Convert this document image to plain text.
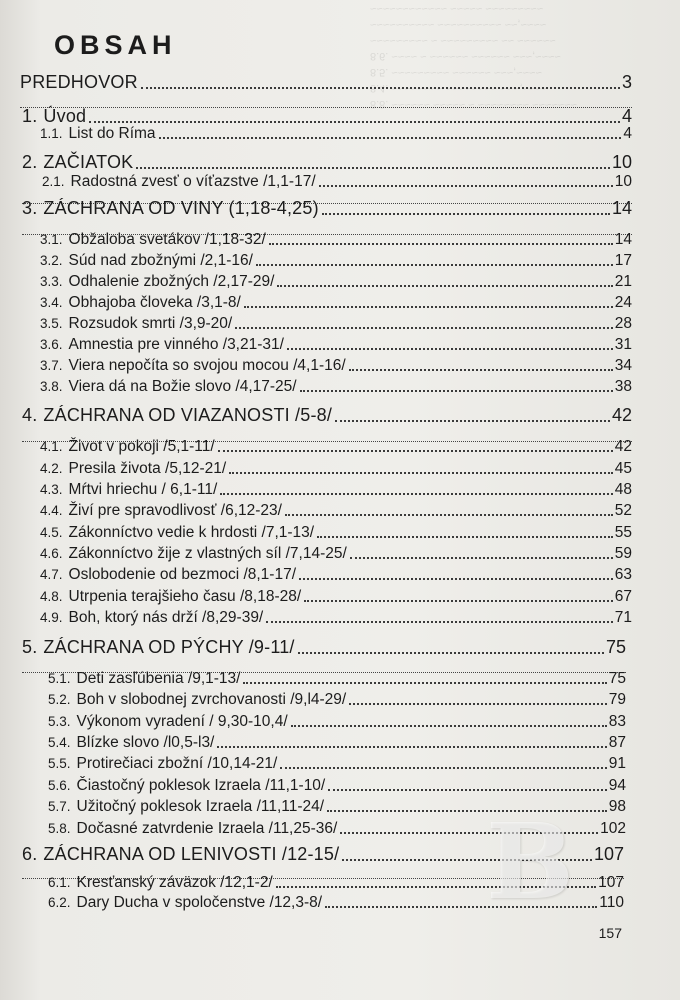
8.8. ~~~~~~ ~~~~~ ~ ~~~~~~~~ ~~~~~~~
8.4. ~~~~~~~~ ~~~~~~~~ ~~~,~~~~
8.5. ~~~~~~~~~ ~~~~~~ ~~~,~~~~
8.6. ~~~~ ~ ~~~~~~ ~~~~~~ ~~~,~~~~
~~~~~~~~~ ~ ~~~~~~~~~ ~~ ~~~~~~
~~~~~~~~~~ ~~~~~~~~~~ ~~,~~~~
~~~~~~~~~~~~ ~~~~~ ~~~~~~~~~
OBSAH
PREDHOVOR	3
1. Úvod	4
1.1. List do Ríma	4
2. ZAČIATOK	10
2.1. Radostná zvesť o víťazstve /1,1-17/	10
3. ZÁCHRANA OD VINY (1,18-4,25)	14
3.1. Obžaloba svetákov /1,18-32/	14
3.2. Súd nad zbožnými /2,1-16/	17
3.3. Odhalenie zbožných /2,17-29/	21
3.4. Obhajoba človeka /3,1-8/	24
3.5. Rozsudok smrti /3,9-20/	28
3.6. Amnestia pre vinného /3,21-31/	31
3.7. Viera nepočíta so svojou mocou /4,1-16/	34
3.8. Viera dá na Božie slovo /4,17-25/	38
4. ZÁCHRANA OD VIAZANOSTI /5-8/	42
4.1. Život v pokoji /5,1-11/	42
4.2. Presila života /5,12-21/	45
4.3. Mŕtvi hriechu / 6,1-11/	48
4.4. Živí pre spravodlivosť /6,12-23/	52
4.5. Zákonníctvo vedie k hrdosti /7,1-13/	55
4.6. Zákonníctvo žije z vlastných síl /7,14-25/	59
4.7. Oslobodenie od bezmoci /8,1-17/	63
4.8. Utrpenia terajšieho času /8,18-28/	67
4.9. Boh, ktorý nás drží /8,29-39/	71
5. ZÁCHRANA OD PÝCHY /9-11/	75
5.1. Deti zasľúbenia /9,1-13/	75
5.2. Boh v slobodnej zvrchovanosti /9,l4-29/	79
5.3. Výkonom vyradení / 9,30-10,4/	83
5.4. Blízke slovo /l0,5-l3/	87
5.5. Protirečiaci zbožní /10,14-21/	91
5.6. Čiastočný poklesok Izraela /11,1-10/	94
5.7. Užitočný poklesok Izraela /11,11-24/	98
5.8. Dočasné zatvrdenie Izraela /11,25-36/	102
6. ZÁCHRANA OD LENIVOSTI /12-15/	107
6.1. Kresťanský záväzok /12,1-2/	107
6.2. Dary Ducha v spoločenstve /12,3-8/	110
B
157
